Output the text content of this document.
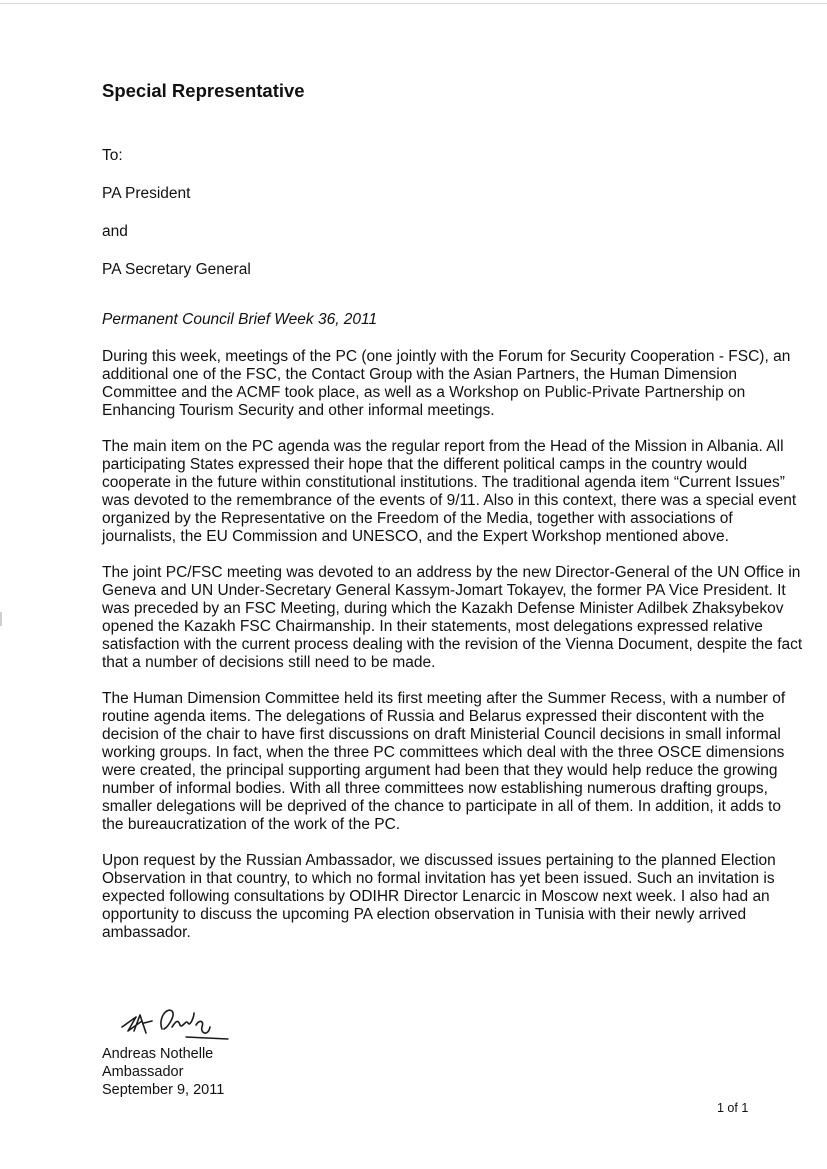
Special Representative

To:

PA President

and

PA Secretary General

Permanent Council Brief Week 36, 2011

During this week, meetings of the PC (one jointly with the Forum for Security Cooperation - FSC), an additional one of the FSC, the Contact Group with the Asian Partners, the Human Dimension Committee and the ACMF took place, as well as a Workshop on Public-Private Partnership on Enhancing Tourism Security and other informal meetings.

The main item on the PC agenda was the regular report from the Head of the Mission in Albania. All participating States expressed their hope that the different political camps in the country would cooperate in the future within constitutional institutions. The traditional agenda item “Current Issues” was devoted to the remembrance of the events of 9/11. Also in this context, there was a special event organized by the Representative on the Freedom of the Media, together with associations of journalists, the EU Commission and UNESCO, and the Expert Workshop mentioned above.

The joint PC/FSC meeting was devoted to an address by the new Director-General of the UN Office in Geneva and UN Under-Secretary General Kassym-Jomart Tokayev, the former PA Vice President. It was preceded by an FSC Meeting, during which the Kazakh Defense Minister Adilbek Zhaksybekov opened the Kazakh FSC Chairmanship. In their statements, most delegations expressed relative satisfaction with the current process dealing with the revision of the Vienna Document, despite the fact that a number of decisions still need to be made.

The Human Dimension Committee held its first meeting after the Summer Recess, with a number of routine agenda items. The delegations of Russia and Belarus expressed their discontent with the decision of the chair to have first discussions on draft Ministerial Council decisions in small informal working groups. In fact, when the three PC committees which deal with the three OSCE dimensions were created, the principal supporting argument had been that they would help reduce the growing number of informal bodies. With all three committees now establishing numerous drafting groups, smaller delegations will be deprived of the chance to participate in all of them. In addition, it adds to the bureaucratization of the work of the PC.

Upon request by the Russian Ambassador, we discussed issues pertaining to the planned Election Observation in that country, to which no formal invitation has yet been issued. Such an invitation is expected following consultations by ODIHR Director Lenarcic in Moscow next week. I also had an opportunity to discuss the upcoming PA election observation in Tunisia with their newly arrived ambassador.

Andreas Nothelle

Ambassador

September 9, 2011

1 of 1
